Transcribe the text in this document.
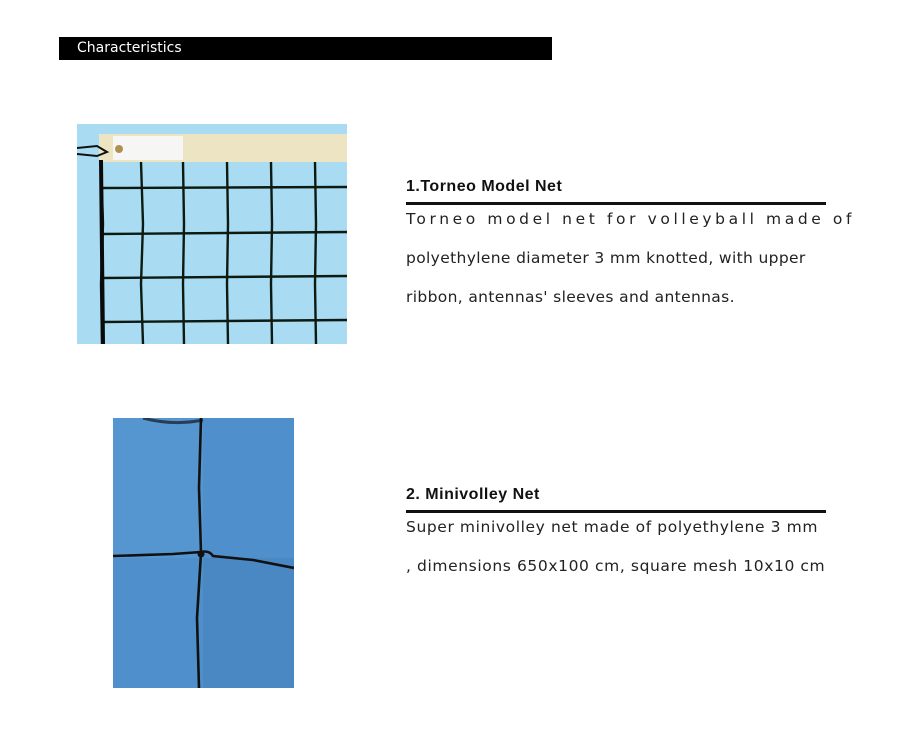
Characteristics
1.Torneo Model Net

Torneo model net for volleyball made of
polyethylene diameter 3 mm knotted, with upper
ribbon, antennas' sleeves and antennas.

2. Minivolley Net

Super minivolley net made of polyethylene 3 mm
, dimensions 650x100 cm, square mesh 10x10 cm
